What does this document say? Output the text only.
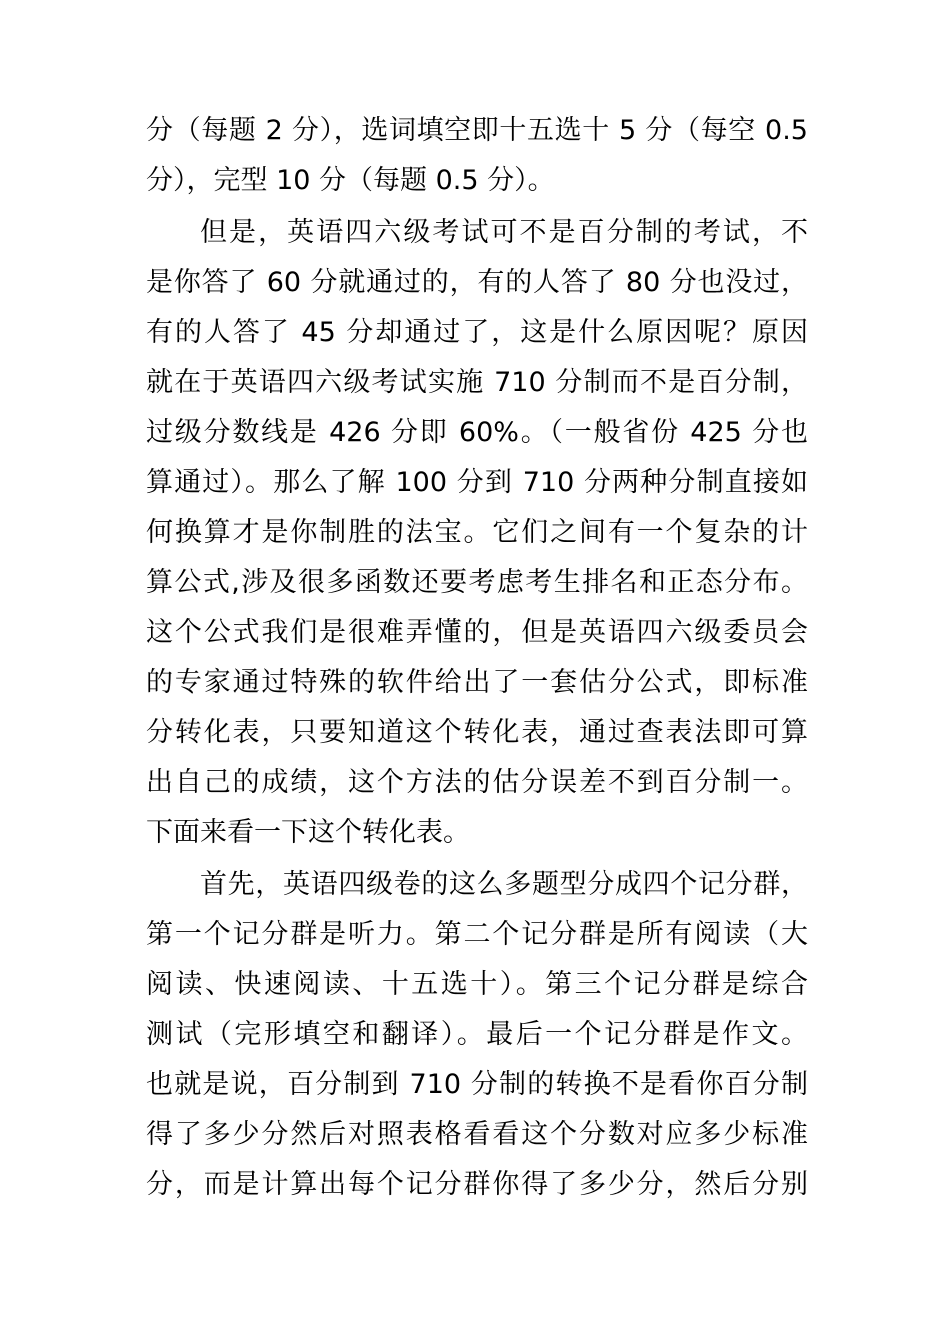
分（每题 2 分），选词填空即十五选十 5 分（每空 0.5
分），完型 10 分（每题 0.5 分）。
但是，英语四六级考试可不是百分制的考试，不
是你答了 60 分就通过的，有的人答了 80 分也没过，
有的人答了 45 分却通过了，这是什么原因呢？原因
就在于英语四六级考试实施 710 分制而不是百分制，
过级分数线是 426 分即 60%。（一般省份 425 分也
算通过）。那么了解 100 分到 710 分两种分制直接如
何换算才是你制胜的法宝。它们之间有一个复杂的计
算公式,涉及很多函数还要考虑考生排名和正态分布。
这个公式我们是很难弄懂的，但是英语四六级委员会
的专家通过特殊的软件给出了一套估分公式，即标准
分转化表，只要知道这个转化表，通过查表法即可算
出自己的成绩，这个方法的估分误差不到百分制一。
下面来看一下这个转化表。
首先，英语四级卷的这么多题型分成四个记分群，
第一个记分群是听力。第二个记分群是所有阅读（大
阅读、快速阅读、十五选十）。第三个记分群是综合
测试（完形填空和翻译）。最后一个记分群是作文。
也就是说，百分制到 710 分制的转换不是看你百分制
得了多少分然后对照表格看看这个分数对应多少标准
分，而是计算出每个记分群你得了多少分，然后分别
